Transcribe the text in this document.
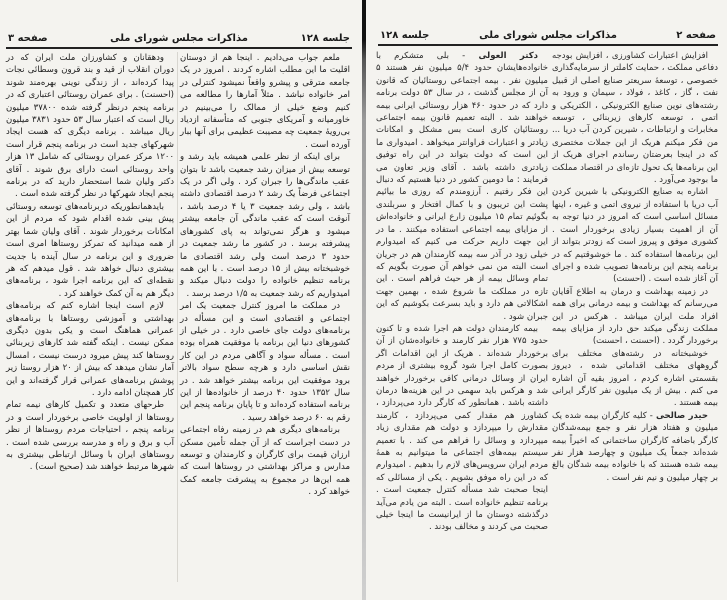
جلسه ۱۲۸
مذاکرات مجلس شورای ملی
صفحه ۳

ملعم جواب می‌دادیم . اینجا هم از دوستان اقلیت ما این مطلب اشاره کردند . امروز در یک جامعه مترقی و پیشرو واقعاً نمیشود کنترلی در امر خانواده نباشد . مثلاً آمارها را مطالعه می کنیم وضع خیلی از ممالک را می‌بینیم در خاورمیانه و آمریکای جنوبی که متأسفانه ازدیاد بی‌رویهٔ جمعیت چه مصیبت عظیمی برای آنها ببار آورده است .

برای اینکه از نظر علمی همیشه باید رشد و توسعه بیش از میزان رشد جمعیت باشد تا بتوان عقب ماندگی‌ها را جبران کرد . ولی اگر در یک اجتماعی فرضاً یک رشد ۲ درصد اقتصادی داشته باشد ، ولی رشد جمعیت ۳ یا ۴ درصد باشد ، آنوقت است که عقب ماندگی آن جامعه بیشتر میشود و هرگز نمی‌تواند به پای کشورهای پیشرفته برسد . در کشور ما رشد جمعیت در حدود ۳ درصد است ولی رشد اقتصادی ما خوشبختانه بیش از ۱۵ درصد است . با این همه برنامه تنظیم خانواده را دولت دنبال میکند و امیدواریم که رشد جمعیت به ۱/۵ درصد برسد .

در مملکت ما امروز کنترل جمعیت یک امر اجتماعی و اقتصادی است و این مسأله در برنامه‌های دولت جای خاصی دارد . در خیلی از کشورهای دنیا این برنامه با موفقیت همراه بوده است . مسأله سواد و آگاهی مردم در این کار نقش اساسی دارد و هرچه سطح سواد بالاتر برود موفقیت این برنامه بیشتر خواهد شد . در سال ۱۳۵۲ حدود ۴۰ درصد از خانواده‌ها از این برنامه استفاده کرده‌اند و تا پایان برنامه پنجم این رقم به ۶۰ درصد خواهد رسید .

برنامه‌های دیگری هم در زمینه رفاه اجتماعی در دست اجراست که از آن جمله تأمین مسکن ارزان قیمت برای کارگران و کارمندان و توسعه مدارس و مراکز بهداشتی در روستاها است که همه این‌ها در مجموع به پیشرفت جامعه کمک خواهد کرد .

ودهقانان و کشاورزان ملت ایران که در دوران انقلاب از قید و بند قرون وسطائی نجات پیدا کرده‌اند ، از زندگی نوینی بهره‌مند شوند (احسنت) . برای عمران روستائی اعتباری که در برنامه پنجم درنظر گرفته شده ۳۷۸۰۰ میلیون ریال است که اعتبار سال ۵۳ حدود ۳۸۳۱ میلیون ریال میباشد . برنامه دیگری که هست ایجاد شهرکهای جدید است در برنامه پنجم قرار است ۱۲۰۰ مرکز عمران روستائی که شامل ۱۳ هزار واحد روستائی است دارای برق شوند . آقای دکتر ولیان شما استحضار دارید که در برنامه پنجم ایجاد شهرکها در نظر گرفته شده است .

بایدهمانطوریکه دربرنامه‌های توسعه روستائی پیش بینی شده اقدام شود که مردم از این امکانات برخوردار شوند . آقای ولیان شما بهتر از همه میدانید که تمرکز روستاها امری است ضروری و این برنامه در سال آینده با جدیت بیشتری دنبال خواهد شد . قول میدهم که هر نقطه‌ای که این برنامه اجرا شود ، برنامه‌های دیگر هم به آن کمک خواهند کرد .

لازم است اینجا اشاره کنم که برنامه‌های بهداشتی و آموزشی روستاها با برنامه‌های عمرانی هماهنگ است و یکی بدون دیگری ممکن نیست . اینکه گفته شد کارهای زیربنائی روستاها کند پیش میرود درست نیست ، امسال آمار نشان میدهد که بیش از ۲۰ هزار روستا زیر پوشش برنامه‌های عمرانی قرار گرفته‌اند و این کار همچنان ادامه دارد .

طرحهای متعدد و تکمیل کارهای نیمه تمام روستاها از اولویت خاصی برخوردار است و در برنامه پنجم ، احتیاجات مردم روستاها از نظر آب و برق و راه و مدرسه بررسی شده است . روستاهای ایران با وسائل ارتباطی بیشتری به شهرها مرتبط خواهند شد (صحیح است) .

صفحه ۲
مذاکرات مجلس شورای ملی
جلسه ۱۲۸

افزایش اعتبارات کشاورزی ، افزایش بودجه دفاعی مملکت ، حمایت کاملتر از سرمایه‌گذاری خصوصی ، توسعهٔ سریعتر صنایع اصلی از قبیل نفت ، گاز ، کاغذ ، فولاد ، سیمان و ورود به رشته‌های نوین صنایع الکترونیکی ، الکتریکی و اتمی ، توسعه کارهای زیربنائی ، توسعه مخابرات و ارتباطات ، شیرین کردن آب دریا ... من فکر میکنم هریک از این جملات مختصری که در اینجا بعرضتان رساندم اجرای هریک از این برنامه‌ها یک تحول تازه‌ای در اقتصاد مملکت ما بوجود می‌آورد .

اشاره به صنایع الکترونیکی با شیرین کردن آب دریا با استفاده از نیروی اتمی و غیره ، اینها مسائل اساسی است که امروز در دنیا توجه به آن از اهمیت بسیار زیادی برخوردار است . کشوری موفق و پیروز است که زودتر بتواند از این برنامه‌ها استفاده کند . ما خوشوقتیم که در برنامه پنجم این برنامه‌ها تصویب شده و اجرای آن آغاز شده است . (احسنت)

در زمینه بهداشت و درمان به اطلاع آقایان می‌رسانم که بهداشت و بیمه درمانی برای همه افراد ملت ایران میباشد . هرکس در این مملکت زندگی میکند حق دارد از مزایای بیمه برخوردار گردد . (احسنت ، احسنت)

خوشبختانه در رشته‌های مختلف برای گروههای مختلف اقداماتی شده ، دیروز بقسمتی اشاره کردم ، امروز بقیه آن اشاره می کنم . بیش از یک میلیون نفر کارگر ایرانی بیمه هستند .

حیدر صالحی - کلیه کارگران بیمه شده یک میلیون و هفتاد هزار نفر و جمع بیمه‌شدگان کارگر باضافه کارگران ساختمانی که اخیراً بیمه شده‌اند جمعاً یک میلیون و چهارصد هزار نفر بیمه شده هستند که با خانواده بیمه شدگان بالغ بر چهار میلیون و نیم نفر است .

دکتر العولی - بلی متشکرم با خانواده‌هایشان حدود ۵/۴ میلیون نفر هستند ۵ میلیون نفر . بیمه اجتماعی روستائیان که قانون آن از مجلس گذشت ، در سال ۵۳ دولت برنامه دارد که در حدود ۴۶۰ هزار روستائی ایرانی بیمه خواهند شد . البته تعمیم قانون بیمه اجتماعی روستائیان کاری است بس مشکل و امکانات زیادتر و اعتبارات فراوانتر میخواهد . امیدواری ما این است که دولت بتواند در این راه توفیق زیادتری داشته باشد . آقای وزیر تعاون می فرمایند : ما دومین کشور در دنیا هستیم که دنبال این فکر رفتیم . آرزومندم که روزی ما بیائیم پشت این تریبون و با کمال افتخار و سربلندی بگوئیم تمام ۱۵ میلیون زارع ایرانی و خانواده‌اش از مزایای بیمه اجتماعی استفاده میکنند . ما در این جهت داریم حرکت می کنیم که امیدوارم خیلی زود در آذر سه بیمه کارمندان هم در جریان است البته من نمی خواهم آن صورت بگویم که تمام وسائل بیمه از هر حیث فراهم است . این تازه در مملکت ما شروع شده ، بهمین جهت اشکالاتی هم دارد و باید بسرعت بکوشیم که این جبران شود .

بیمه کارمندان دولت هم اجرا شده و تا کنون حدود ۷۷۵ هزار نفر کارمند و خانواده‌شان از آن برخوردار شده‌اند . هریک از این اقدامات اگر بصورت کامل اجرا شود گروه بیشتری از مردم ایران از وسائل درمانی کافی برخوردار خواهند شد و هرکس باید سهمی در این هزینه‌ها درمان داشته باشد . همانطور که کارگر دارد می‌پردازد ، کشاورز هم مقدار کمی می‌پردازد ، کارمند مقدارش را میپردازد و دولت هم مقداری زیاد میپردازد و وسائل را فراهم می کند . با تعمیم سیستم بیمه‌های اجتماعی ما میتوانیم به همهٔ مردم ایران سرویس‌های لازم را بدهیم . امیدوارم که در این راه موفق بشویم . یکی از مسائلی که اینجا صحبت شد مسأله کنترل جمعیت است . برنامه تنظیم خانواده است . البته من یادم می‌آید درگذشته دوستان ما از ایرانیست ما اینجا خیلی صحبت می کردند و مخالف بودند .
